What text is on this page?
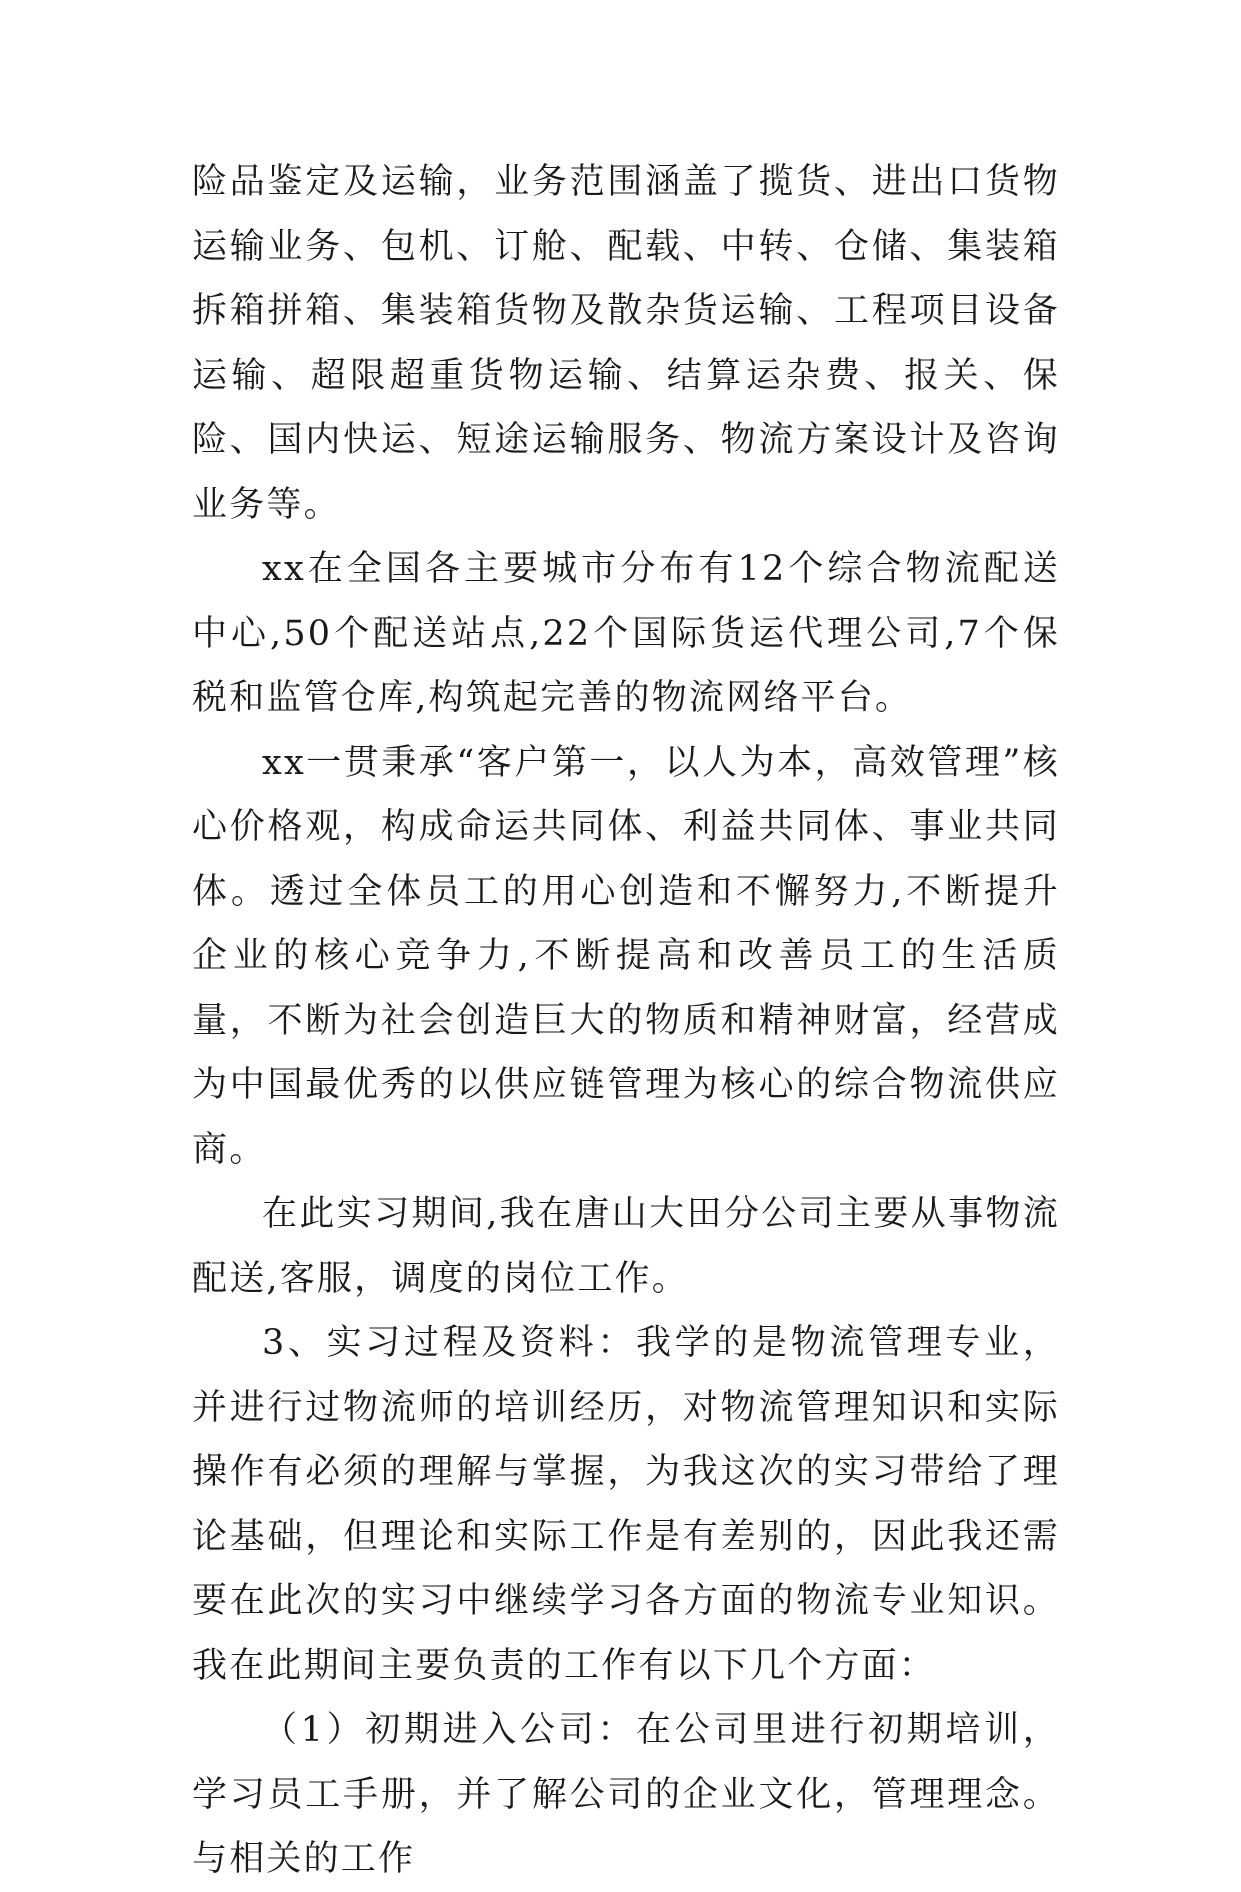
险品鉴定及运输，业务范围涵盖了揽货、进出口货物运输业务、包机、订舱、配载、中转、仓储、集装箱拆箱拼箱、集装箱货物及散杂货运输、工程项目设备运输、超限超重货物运输、结算运杂费、报关、保险、国内快运、短途运输服务、物流方案设计及咨询业务等。

xx在全国各主要城市分布有12个综合物流配送中心,50个配送站点,22个国际货运代理公司,7个保税和监管仓库,构筑起完善的物流网络平台。

xx一贯秉承“客户第一，以人为本，高效管理”核心价格观，构成命运共同体、利益共同体、事业共同体。透过全体员工的用心创造和不懈努力,不断提升企业的核心竞争力,不断提高和改善员工的生活质量，不断为社会创造巨大的物质和精神财富，经营成为中国最优秀的以供应链管理为核心的综合物流供应商。

在此实习期间,我在唐山大田分公司主要从事物流配送,客服，调度的岗位工作。

3、实习过程及资料：我学的是物流管理专业，并进行过物流师的培训经历，对物流管理知识和实际操作有必须的理解与掌握，为我这次的实习带给了理论基础，但理论和实际工作是有差别的，因此我还需要在此次的实习中继续学习各方面的物流专业知识。我在此期间主要负责的工作有以下几个方面：

（1）初期进入公司：在公司里进行初期培训，学习员工手册，并了解公司的企业文化，管理理念。与相关的工作
